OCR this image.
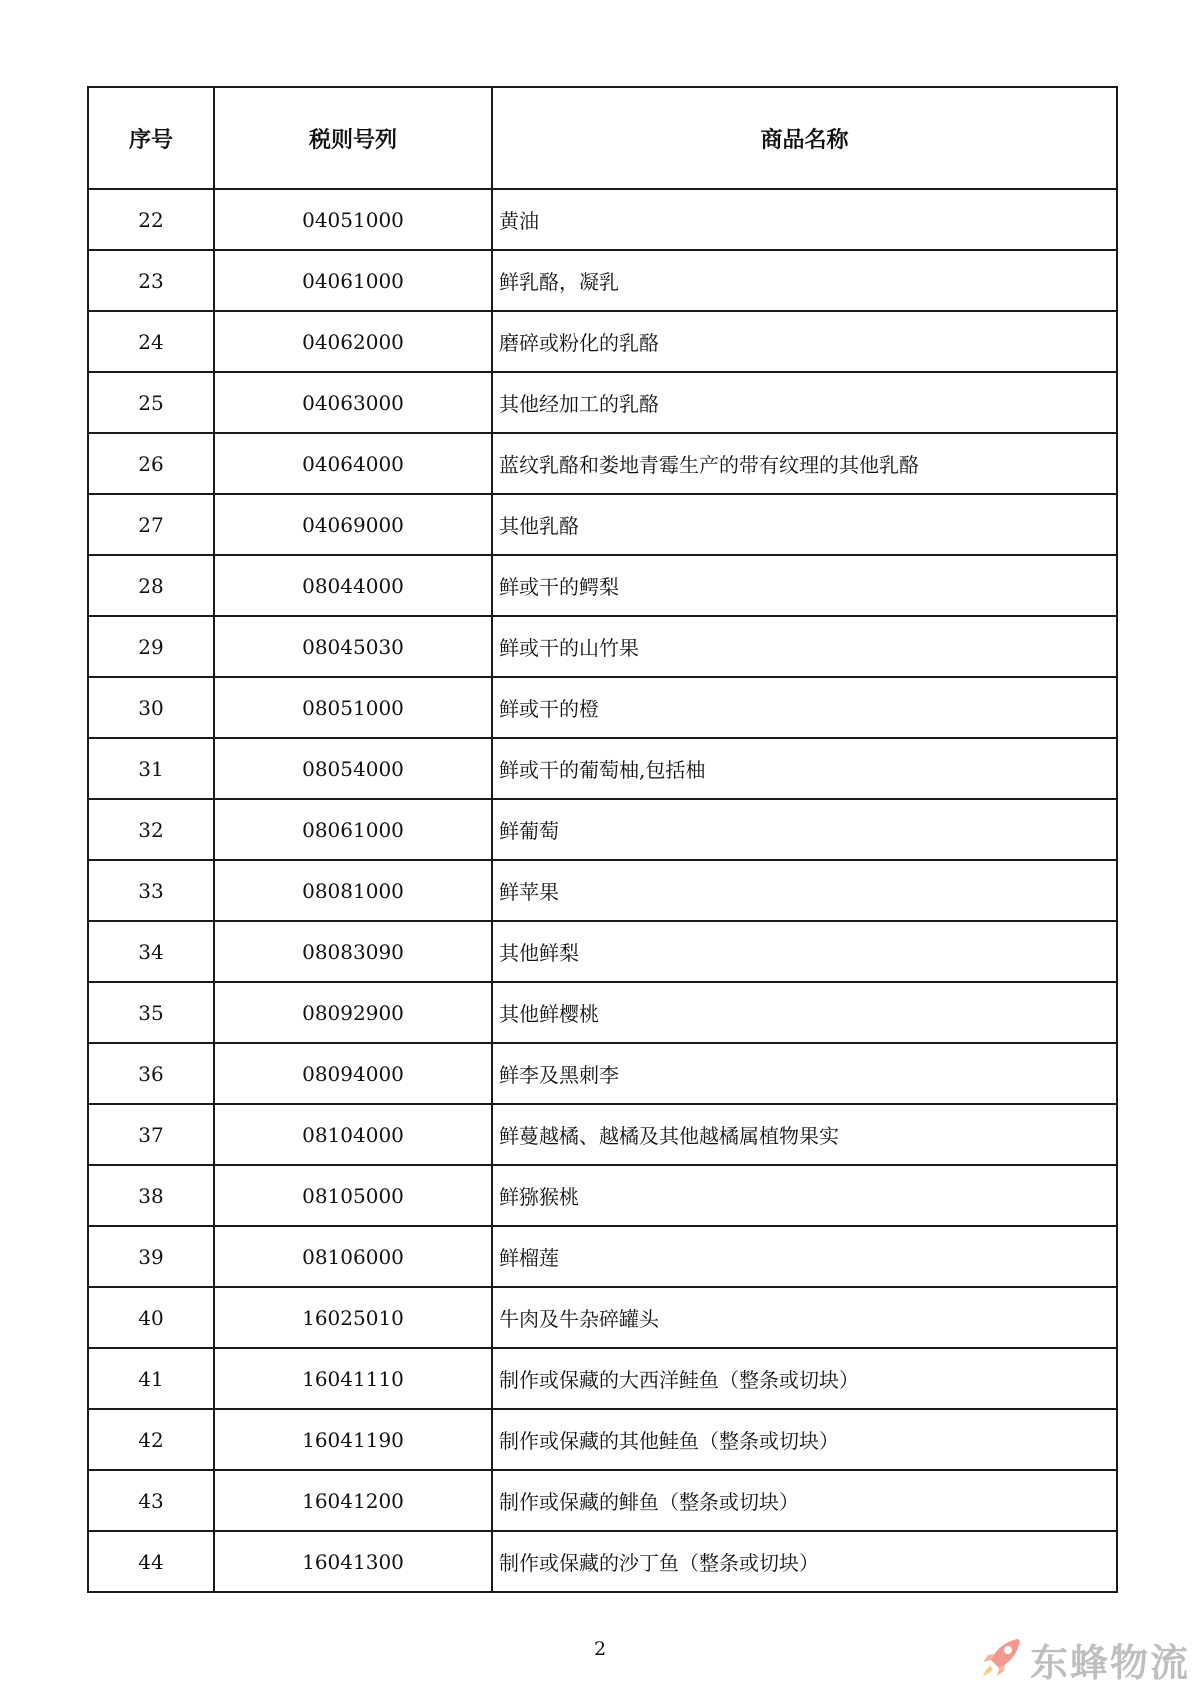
序号	税则号列	商品名称
22	04051000	黄油
23	04061000	鲜乳酪，凝乳
24	04062000	磨碎或粉化的乳酪
25	04063000	其他经加工的乳酪
26	04064000	蓝纹乳酪和娄地青霉生产的带有纹理的其他乳酪
27	04069000	其他乳酪
28	08044000	鲜或干的鳄梨
29	08045030	鲜或干的山竹果
30	08051000	鲜或干的橙
31	08054000	鲜或干的葡萄柚,包括柚
32	08061000	鲜葡萄
33	08081000	鲜苹果
34	08083090	其他鲜梨
35	08092900	其他鲜樱桃
36	08094000	鲜李及黑刺李
37	08104000	鲜蔓越橘、越橘及其他越橘属植物果实
38	08105000	鲜猕猴桃
39	08106000	鲜榴莲
40	16025010	牛肉及牛杂碎罐头
41	16041110	制作或保藏的大西洋鲑鱼（整条或切块）
42	16041190	制作或保藏的其他鲑鱼（整条或切块）
43	16041200	制作或保藏的鲱鱼（整条或切块）
44	16041300	制作或保藏的沙丁鱼（整条或切块）
2	东蜂物流
